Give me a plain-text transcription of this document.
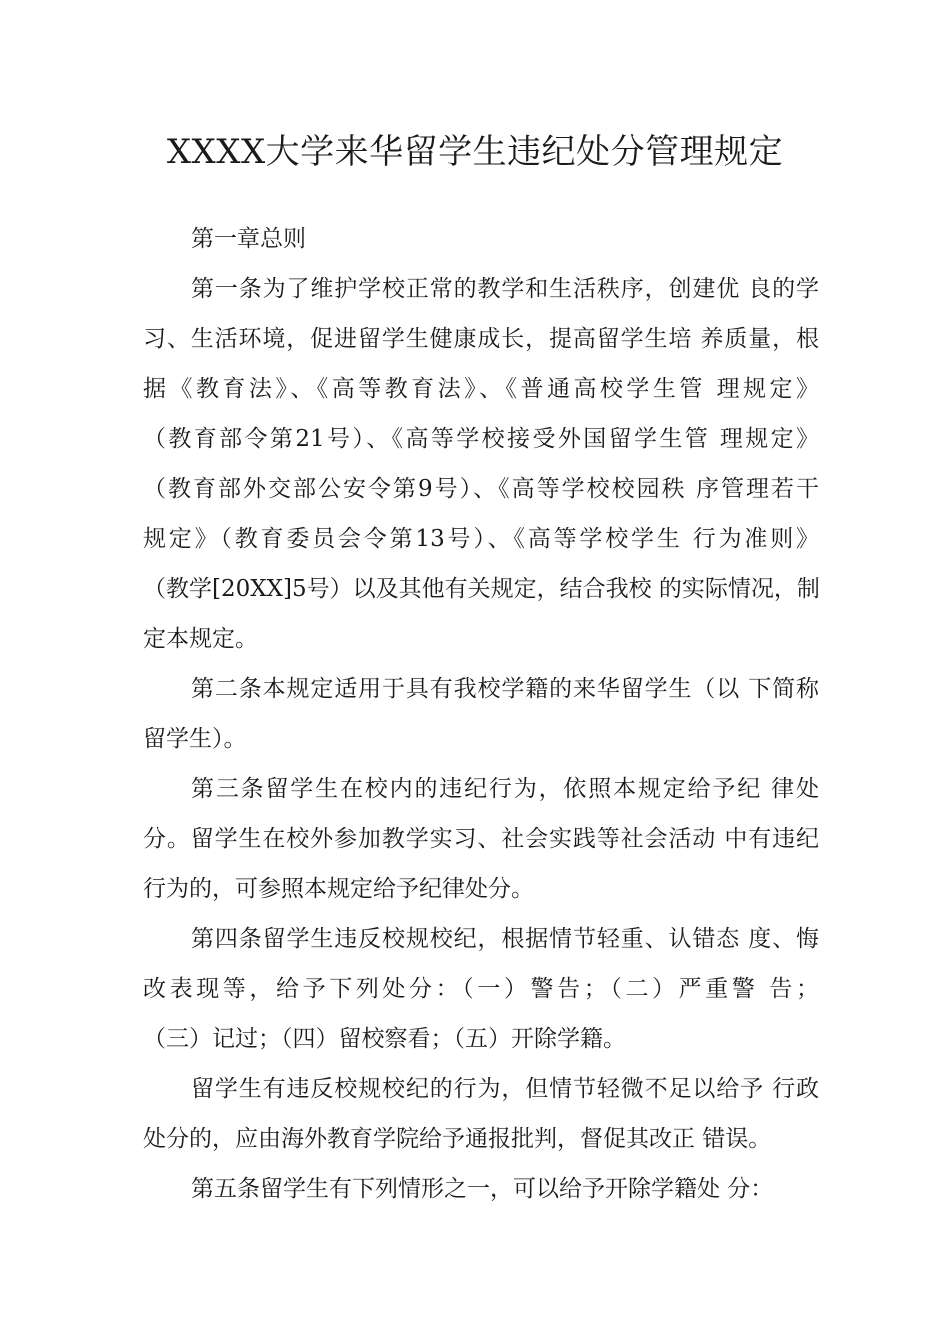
XXXX大学来华留学生违纪处分管理规定
第一章总则
第一条为了维护学校正常的教学和生活秩序，创建优 良的学
习、生活环境，促进留学生健康成长，提高留学生培 养质量，根
据《教育法》、《高等教育法》、《普通高校学生管 理规定》
（教育部令第21号）、《高等学校接受外国留学生管 理规定》
（教育部外交部公安令第9号）、《高等学校校园秩 序管理若干
规定》（教育委员会令第13号）、《高等学校学生 行为准则》
（教学[20XX]5号）以及其他有关规定，结合我校 的实际情况，制
定本规定。
第二条本规定适用于具有我校学籍的来华留学生（以 下简称
留学生）。
第三条留学生在校内的违纪行为，依照本规定给予纪 律处
分。留学生在校外参加教学实习、社会实践等社会活动 中有违纪
行为的，可参照本规定给予纪律处分。
第四条留学生违反校规校纪，根据情节轻重、认错态 度、悔
改表现等，给予下列处分：（一）警告；（二）严重警 告；
（三）记过；（四）留校察看；（五）开除学籍。
留学生有违反校规校纪的行为，但情节轻微不足以给予 行政
处分的，应由海外教育学院给予通报批判，督促其改正 错误。
第五条留学生有下列情形之一，可以给予开除学籍处 分：
